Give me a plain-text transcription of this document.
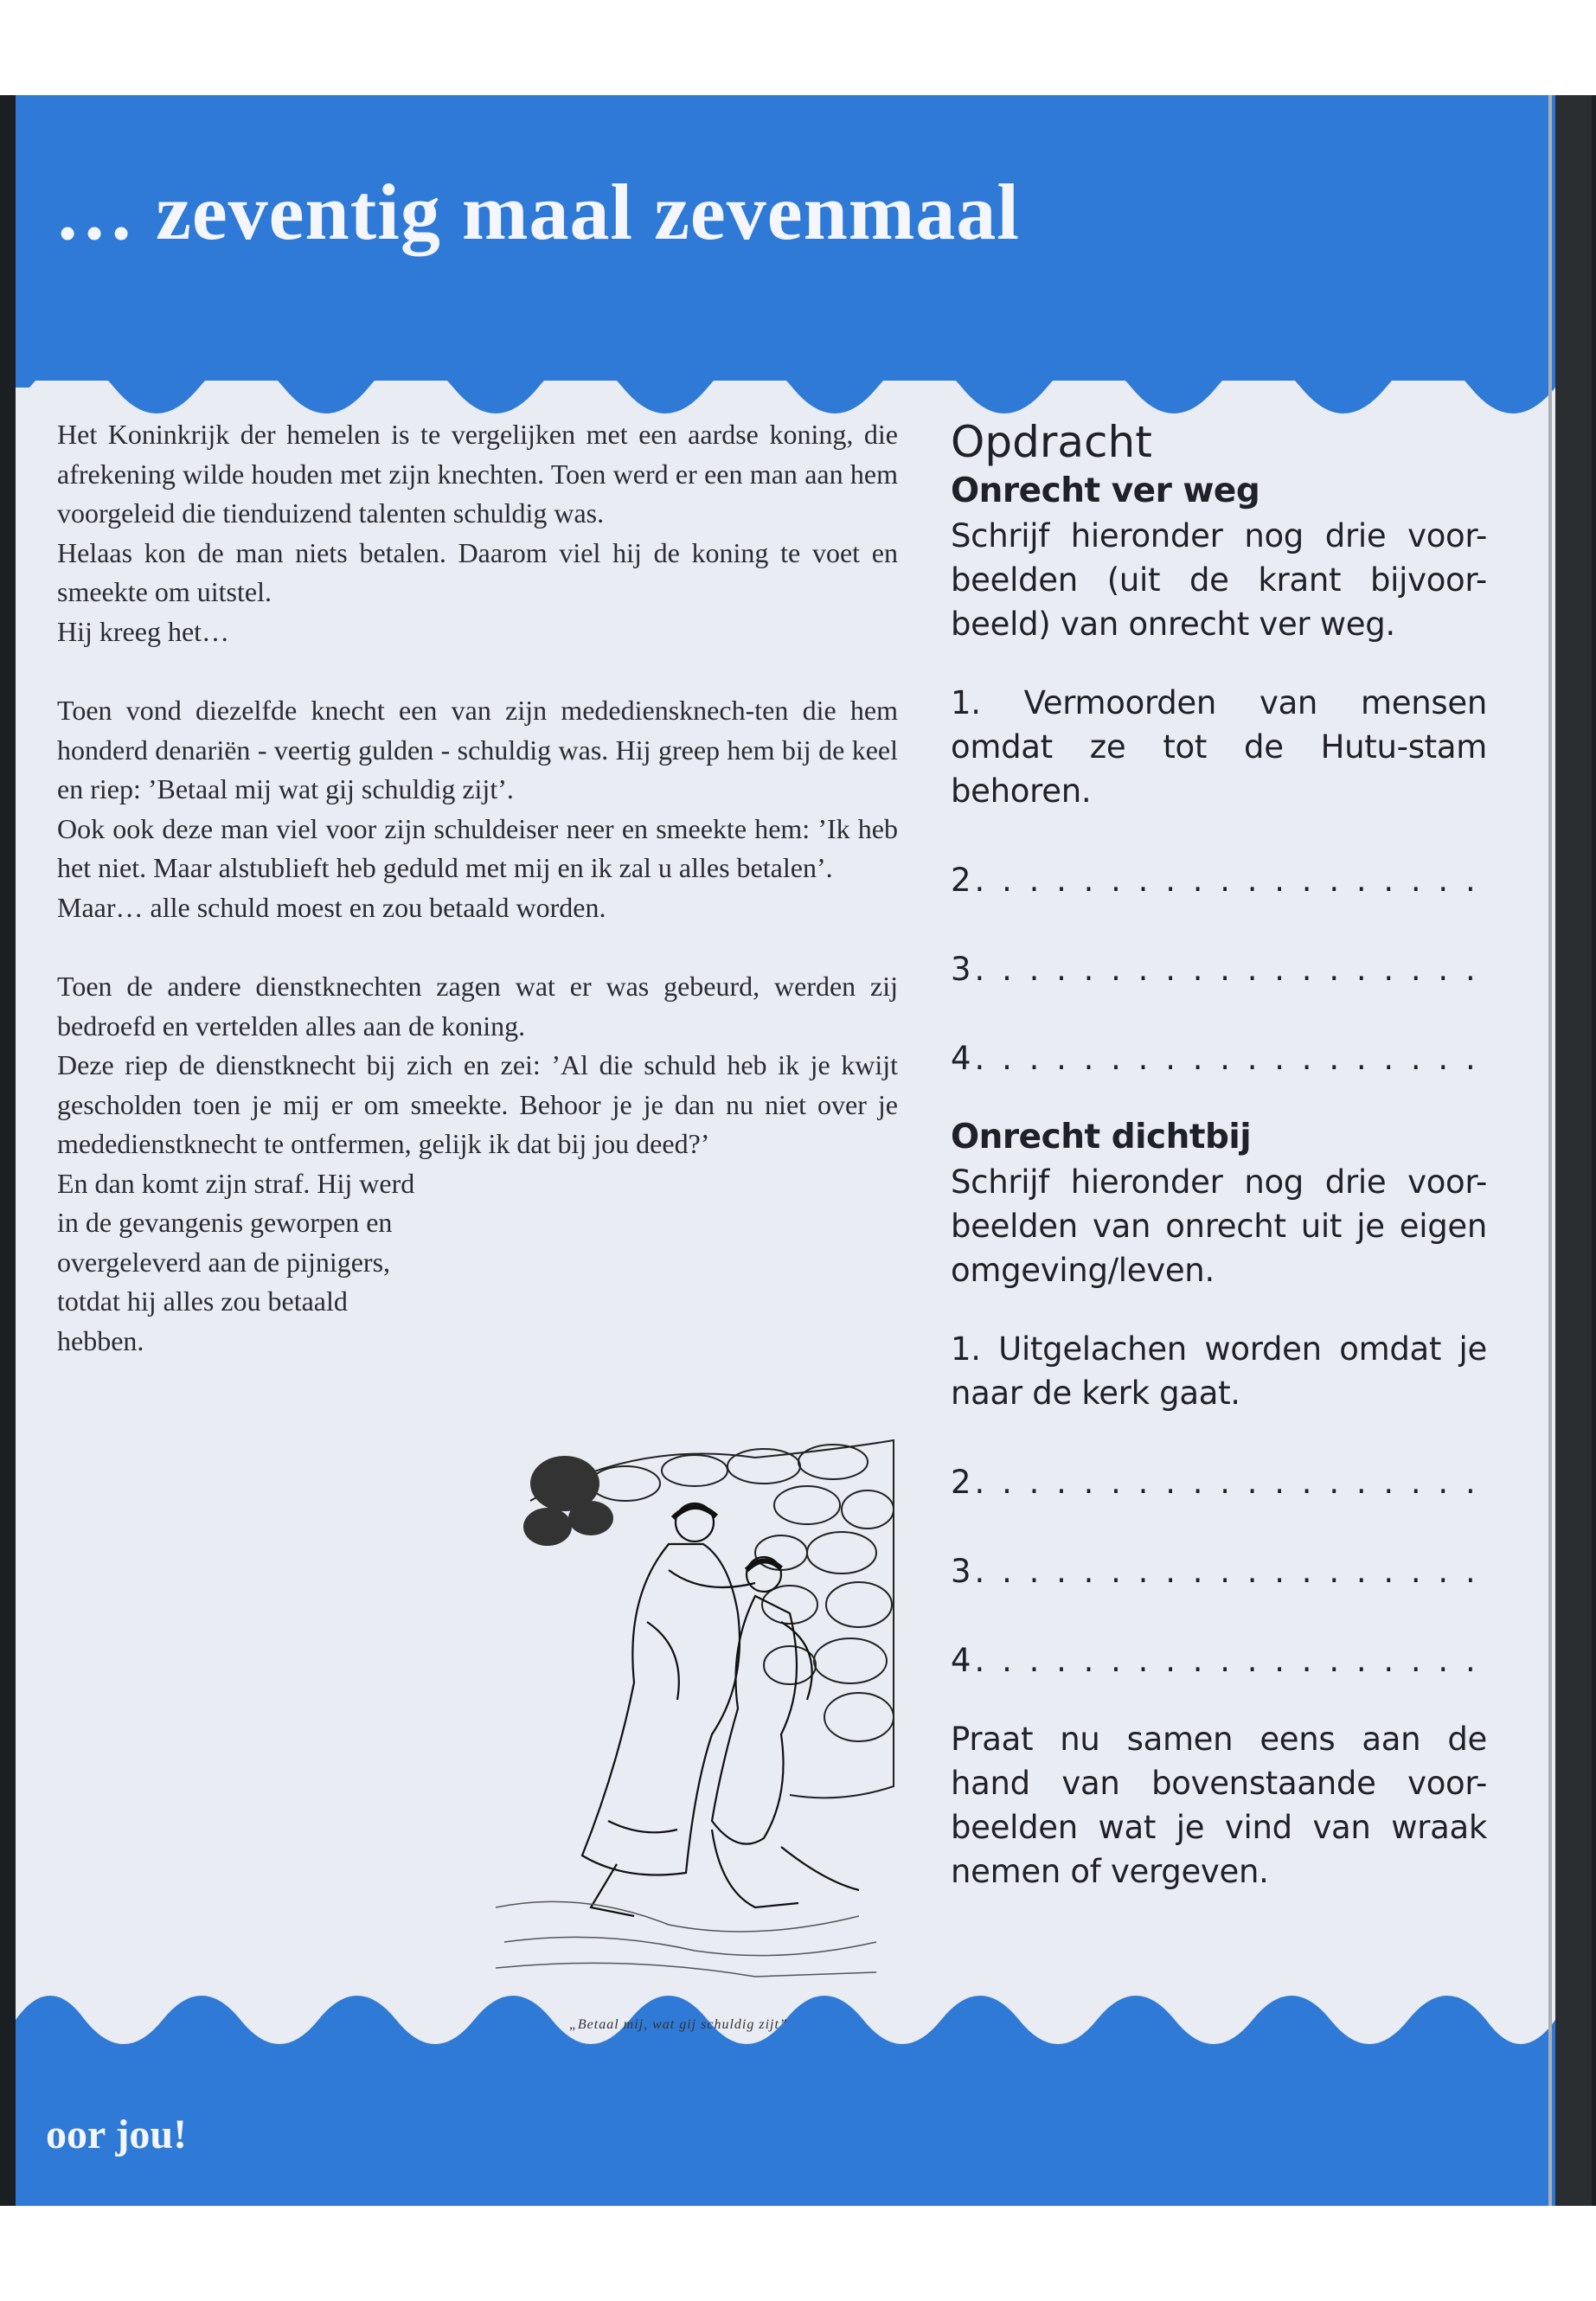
… zeventig maal zevenmaal
oor jou!

Het Koninkrijk der hemelen is te vergelijken met een aardse koning, die afrekening wilde houden met zijn knechten. Toen werd er een man aan hem voorgeleid die tienduizend talenten schuldig was.

Helaas kon de man niets betalen. Daarom viel hij de koning te voet en smeekte om uitstel.

Hij kreeg het…

Toen vond diezelfde knecht een van zijn medediensknech-ten die hem honderd denariën - veertig gulden - schuldig was. Hij greep hem bij de keel en riep: ’Betaal mij wat gij schuldig zijt’.

Ook ook deze man viel voor zijn schuldeiser neer en smeekte hem: ’Ik heb het niet. Maar alstublieft heb geduld met mij en ik zal u alles betalen’.

Maar… alle schuld moest en zou betaald worden.

Toen de andere dienstknechten zagen wat er was gebeurd, werden zij bedroefd en vertelden alles aan de koning.

Deze riep de dienstknecht bij zich en zei: ’Al die schuld heb ik je kwijt gescholden toen je mij er om smeekte. Behoor je je dan nu niet over je mededienstknecht te ontfermen, gelijk ik dat bij jou deed?’

En dan komt zijn straf. Hij werd in de gevangenis geworpen en overgeleverd aan de pijnigers, totdat hij alles zou betaald hebben.

„Betaal mij, wat gij schuldig zijt”
Opdracht
Onrecht ver weg

Schrijf hieronder nog drie voor-beelden (uit de krant bijvoor-beeld) van onrecht ver weg.

1. Vermoorden van mensen omdat ze tot de Hutu-stam behoren.

2. . . . . . . . . . . . . . . . . . .

3. . . . . . . . . . . . . . . . . . .

4. . . . . . . . . . . . . . . . . . .

Onrecht dichtbij

Schrijf hieronder nog drie voor-beelden van onrecht uit je eigen omgeving/leven.

1. Uitgelachen worden omdat je naar de kerk gaat.

2. . . . . . . . . . . . . . . . . . .

3. . . . . . . . . . . . . . . . . . .

4. . . . . . . . . . . . . . . . . . .

Praat nu samen eens aan de hand van bovenstaande voor-beelden wat je vind van wraak nemen of vergeven.
